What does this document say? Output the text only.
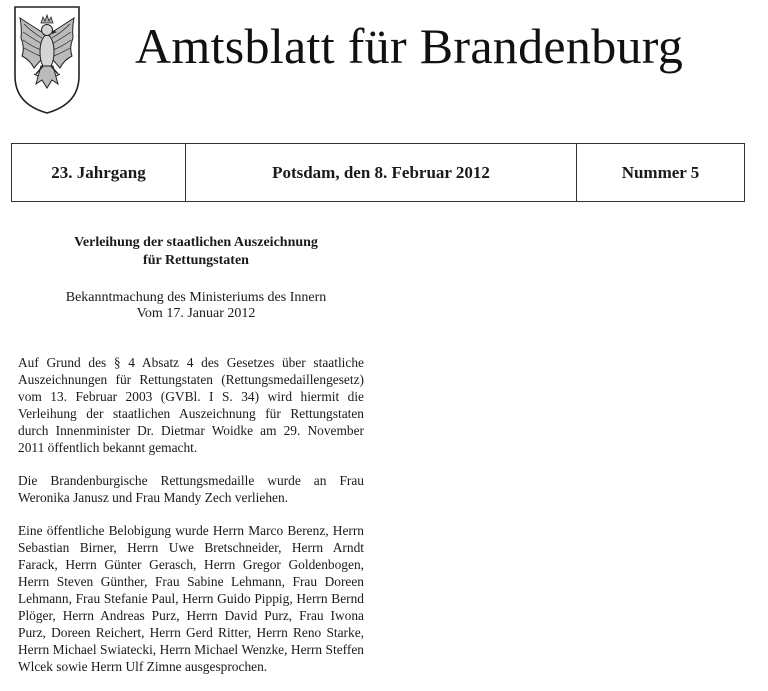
Amtsblatt für Brandenburg
23. Jahrgang	Potsdam, den 8. Februar 2012	Nummer 5
Verleihung der staatlichen Auszeichnung
für Rettungstaten
Bekanntmachung des Ministeriums des Innern
Vom 17. Januar 2012

Auf Grund des § 4 Absatz 4 des Gesetzes über staatliche Auszeichnungen für Rettungstaten (Rettungsmedaillengesetz) vom 13. Februar 2003 (GVBl. I S. 34) wird hiermit die Verleihung der staatlichen Auszeichnung für Rettungstaten durch Innenminister Dr. Dietmar Woidke am 29. November 2011 öffentlich bekannt gemacht.

Die Brandenburgische Rettungsmedaille wurde an Frau Weronika Janusz und Frau Mandy Zech verliehen.

Eine öffentliche Belobigung wurde Herrn Marco Berenz, Herrn Sebastian Birner, Herrn Uwe Bretschneider, Herrn Arndt Farack, Herrn Günter Gerasch, Herrn Gregor Goldenbogen, Herrn Steven Günther, Frau Sabine Lehmann, Frau Doreen Lehmann, Frau Stefanie Paul, Herrn Guido Pippig, Herrn Bernd Plöger, Herrn Andreas Purz, Herrn David Purz, Frau Iwona Purz, Doreen Reichert, Herrn Gerd Ritter, Herrn Reno Starke, Herrn Michael Swiatecki, Herrn Michael Wenzke, Herrn Steffen Wlcek sowie Herrn Ulf Zimne ausgesprochen.
